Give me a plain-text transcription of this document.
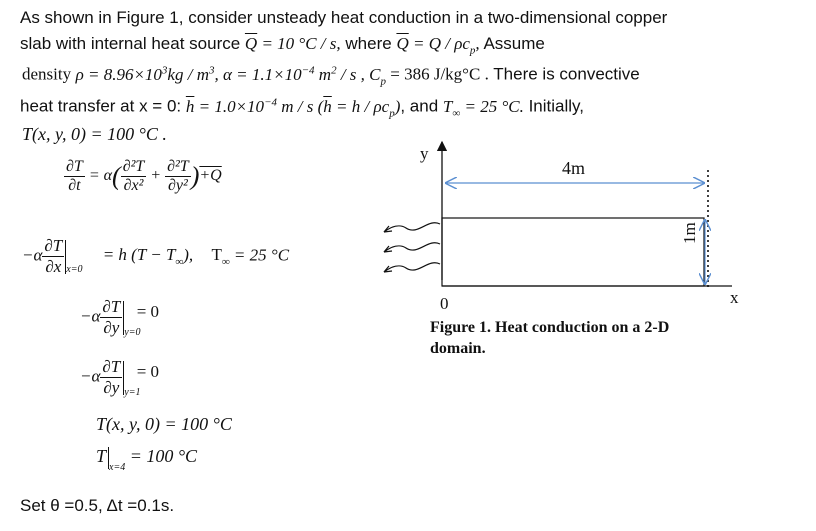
As shown in Figure 1, consider unsteady heat conduction in a two-dimensional copper
slab with internal heat source $\overline{Q} = 10$ °C / s, where $\overline{Q} = Q / \rho c_p$, Assume
density $\rho = 8.96\times 10^3kg / m^3$, $\alpha = 1.1\times 10^{-4}$ $m^2$ / s , $C_p = 386$ J/kg°C . There is convective
heat transfer at x = 0: $\overline{h} = 1.0\times 10^{-4}$ m / s $(\overline{h} = h / \rho c_p)$, and $T_\infty = 25$ °C. Initially,
T(x, y, 0) = 100 °C .
$\frac{\partial T}{\partial t} = \alpha( \frac{\text{∂²T}}{\text{∂x²}} + \frac{\text{∂²T}}{\text{∂y²}} )+Q$
$-\alpha \frac{\partial T}{\partial x} _{x=0} = h$ $(T - T_\infty)$, $T_\infty = 25$ °C
$-\alpha \frac{\partial T}{\partial y} _{y=0} = 0$
$-\alpha \frac{\partial T}{\partial y} _{y=1} = 0$
T(x, y, 0) = 100 °C
$T_{x=4} = 100$ °C
Set θ =0.5, Δt =0.1s.
y
x
0
4m
1m
Figure 1. Heat conduction on a 2-D
domain.
